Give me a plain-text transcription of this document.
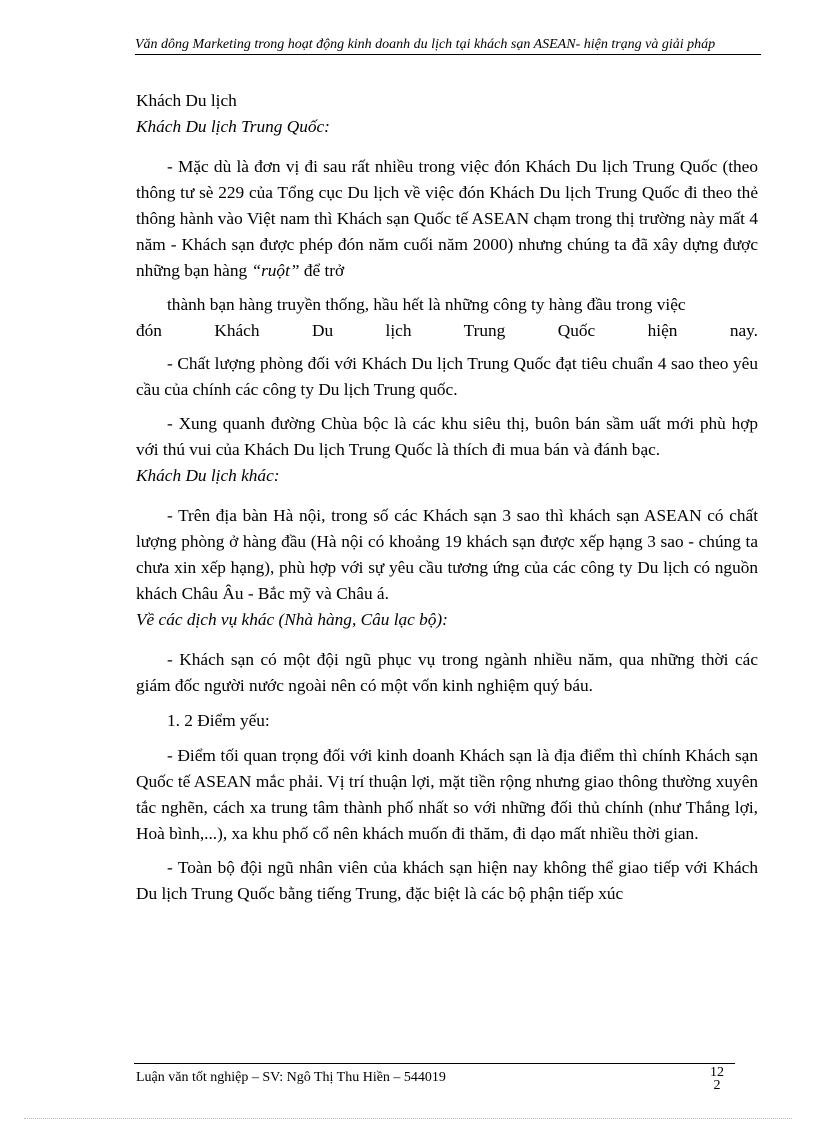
Văn dông Marketing trong hoạt động kinh doanh du lịch tại khách sạn ASEAN- hiện trạng và giải pháp

Khách Du lịch

Khách Du lịch Trung Quốc:

- Mặc dù là đơn vị đi sau rất nhiều trong việc đón Khách Du lịch Trung Quốc (theo thông tư sè 229 của Tổng cục Du lịch về việc đón Khách Du lịch Trung Quốc đi theo thẻ thông hành vào Việt nam thì Khách sạn Quốc tế ASEAN chạm trong thị trường này mất 4 năm - Khách sạn được phép đón năm cuối năm 2000) nhưng chúng ta đã xây dựng được những bạn hàng “ruột” để trở

thành bạn hàng truyền thống, hầu hết là những công ty hàng đầu trong việc

đón Khách Du lịch Trung Quốc hiện nay.

- Chất lượng phòng đối với Khách Du lịch Trung Quốc đạt tiêu chuẩn 4 sao theo yêu cầu của chính các công ty Du lịch Trung quốc.

- Xung quanh đường Chùa bộc là các khu siêu thị, buôn bán sầm uất mới phù hợp với thú vui của Khách Du lịch Trung Quốc là thích đi mua bán và đánh bạc.

Khách Du lịch khác:

- Trên địa bàn Hà nội, trong số các Khách sạn 3 sao thì khách sạn ASEAN có chất lượng phòng ở hàng đầu (Hà nội có khoảng 19 khách sạn được xếp hạng 3 sao - chúng ta chưa xin xếp hạng), phù hợp với sự yêu cầu tương ứng của các công ty Du lịch có nguồn khách Châu Âu - Bắc mỹ và Châu á.

Về các dịch vụ khác (Nhà hàng, Câu lạc bộ):

- Khách sạn có một đội ngũ phục vụ trong ngành nhiều năm, qua những thời các giám đốc người nước ngoài nên có một vốn kinh nghiệm quý báu.

1. 2 Điểm yếu:

- Điểm tối quan trọng đối với kinh doanh Khách sạn là địa điểm thì chính Khách sạn Quốc tế ASEAN mắc phải. Vị trí thuận lợi, mặt tiền rộng nhưng giao thông thường xuyên tắc nghẽn, cách xa trung tâm thành phố nhất so với những đối thủ chính (như Thắng lợi, Hoà bình,...), xa khu phố cổ nên khách muốn đi thăm, đi dạo mất nhiều thời gian.

- Toàn bộ đội ngũ nhân viên của khách sạn hiện nay không thể giao tiếp với Khách Du lịch Trung Quốc bằng tiếng Trung, đặc biệt là các bộ phận tiếp xúc

Luận văn tốt nghiệp – SV: Ngô Thị Thu Hiền – 544019	12
2
